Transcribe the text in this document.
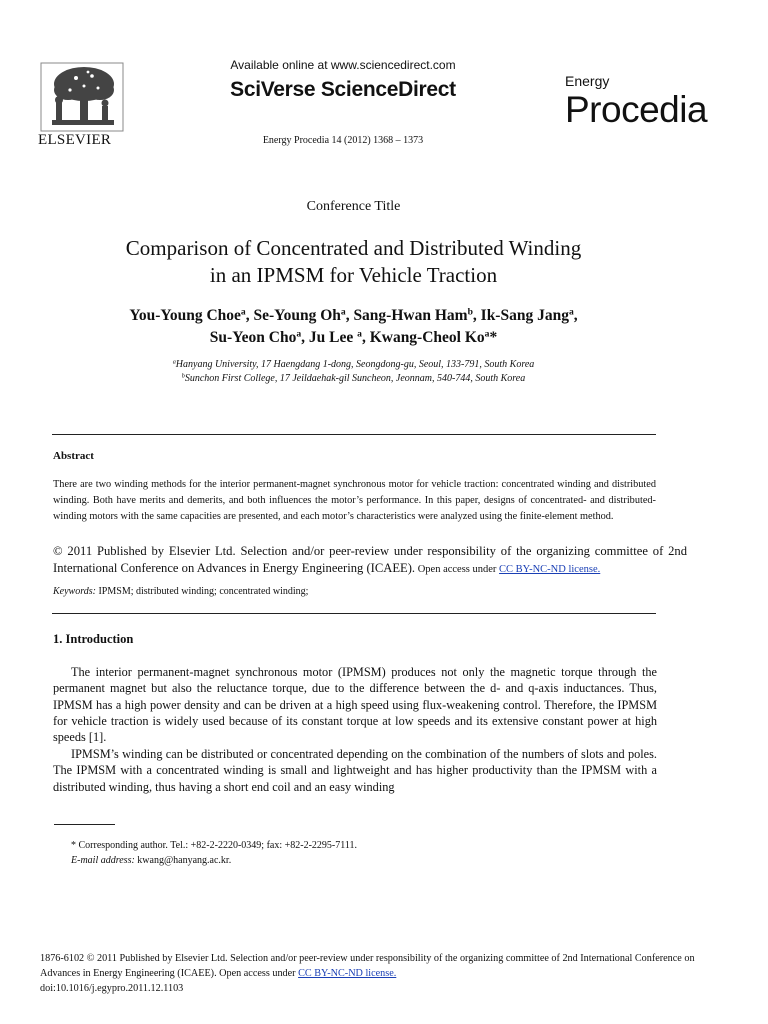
ELSEVIER
Available online at www.sciencedirect.com
SciVerse ScienceDirect
Energy Procedia 14 (2012) 1368 – 1373
Energy
Procedia
Conference Title
Comparison of Concentrated and Distributed Winding
in an IPMSM for Vehicle Traction
You-Young Choe$^a$, Se-Young Oh$^a$, Sang-Hwan Ham$^b$, Ik-Sang Jang$^a$,
Su-Yeon Cho$^a$, Ju Lee $^a$, Kwang-Cheol Ko$^a$*
$^a$Hanyang University, 17 Haengdang 1-dong, Seongdong-gu, Seoul, 133-791, South Korea
$^b$Sunchon First College, 17 Jeildaehak-gil Suncheon, Jeonnam, 540-744, South Korea
Abstract
There are two winding methods for the interior permanent-magnet synchronous motor for vehicle traction: concentrated winding and distributed winding. Both have merits and demerits, and both influences the motor’s performance. In this paper, designs of concentrated- and distributed-winding motors with the same capacities are presented, and each motor’s characteristics were analyzed using the finite-element method.
© 2011 Published by Elsevier Ltd. Selection and/or peer-review under responsibility of the organizing committee of 2nd International Conference on Advances in Energy Engineering (ICAEE). Open access under CC BY-NC-ND license.
Keywords: IPMSM; distributed winding; concentrated winding;
1. Introduction
The interior permanent-magnet synchronous motor (IPMSM) produces not only the magnetic torque through the permanent magnet but also the reluctance torque, due to the difference between the d- and q-axis inductances. Thus, IPMSM has a high power density and can be driven at a high speed using flux-weakening control. Therefore, the IPMSM for vehicle traction is widely used because of its constant torque at low speeds and its extensive constant power at high speeds [1].
IPMSM’s winding can be distributed or concentrated depending on the combination of the numbers of slots and poles. The IPMSM with a concentrated winding is small and lightweight and has higher productivity than the IPMSM with a distributed winding, thus having a short end coil and an easy winding
* Corresponding author. Tel.: +82-2-2220-0349; fax: +82-2-2295-7111.
E-mail address: kwang@hanyang.ac.kr.
1876-6102 © 2011 Published by Elsevier Ltd. Selection and/or peer-review under responsibility of the organizing committee of 2nd International Conference on Advances in Energy Engineering (ICAEE). Open access under CC BY-NC-ND license.
doi:10.1016/j.egypro.2011.12.1103
